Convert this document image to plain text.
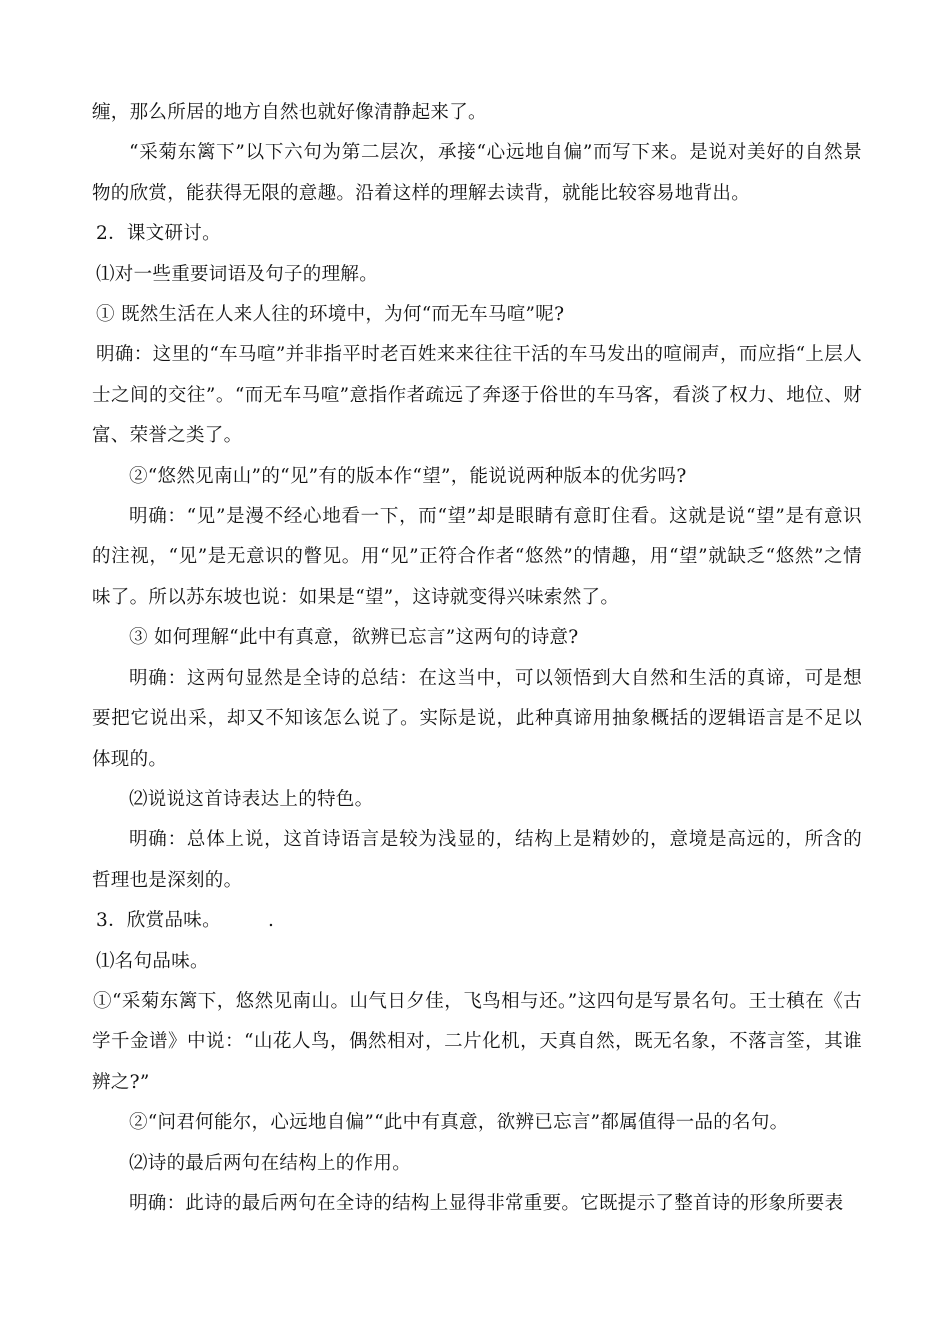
缠，那么所居的地方自然也就好像清静起来了。

“采菊东篱下”以下六句为第二层次，承接“心远地自偏”而写下来。是说对美好的自然景物的欣赏，能获得无限的意趣。沿着这样的理解去读背，就能比较容易地背出。

2．课文研讨。

⑴对一些重要词语及句子的理解。

① 既然生活在人来人往的环境中，为何“而无车马喧”呢?

明确：这里的“车马喧”并非指平时老百姓来来往往干活的车马发出的喧闹声，而应指“上层人士之间的交往”。“而无车马喧”意指作者疏远了奔逐于俗世的车马客，看淡了权力、地位、财富、荣誉之类了。

②“悠然见南山”的“见”有的版本作“望”，能说说两种版本的优劣吗?

明确：“见”是漫不经心地看一下，而“望”却是眼睛有意盯住看。这就是说“望”是有意识的注视，“见”是无意识的瞥见。用“见”正符合作者“悠然”的情趣，用“望”就缺乏“悠然”之情味了。所以苏东坡也说：如果是“望”，这诗就变得兴味索然了。

③ 如何理解“此中有真意，欲辨已忘言”这两句的诗意?

明确：这两句显然是全诗的总结：在这当中，可以领悟到大自然和生活的真谛，可是想要把它说出采，却又不知该怎么说了。实际是说，此种真谛用抽象概括的逻辑语言是不足以体现的。

⑵说说这首诗表达上的特色。

明确：总体上说，这首诗语言是较为浅显的，结构上是精妙的，意境是高远的，所含的哲理也是深刻的。

3．欣赏品味。　　　.

⑴名句品味。

①“采菊东篱下，悠然见南山。山气日夕佳，飞鸟相与还。”这四句是写景名句。王士稹在《古学千金谱》中说：“山花人鸟，偶然相对，二片化机，天真自然，既无名象，不落言筌，其谁辨之?”

②“问君何能尔，心远地自偏”“此中有真意，欲辨已忘言”都属值得一品的名句。

⑵诗的最后两句在结构上的作用。

明确：此诗的最后两句在全诗的结构上显得非常重要。它既提示了整首诗的形象所要表
